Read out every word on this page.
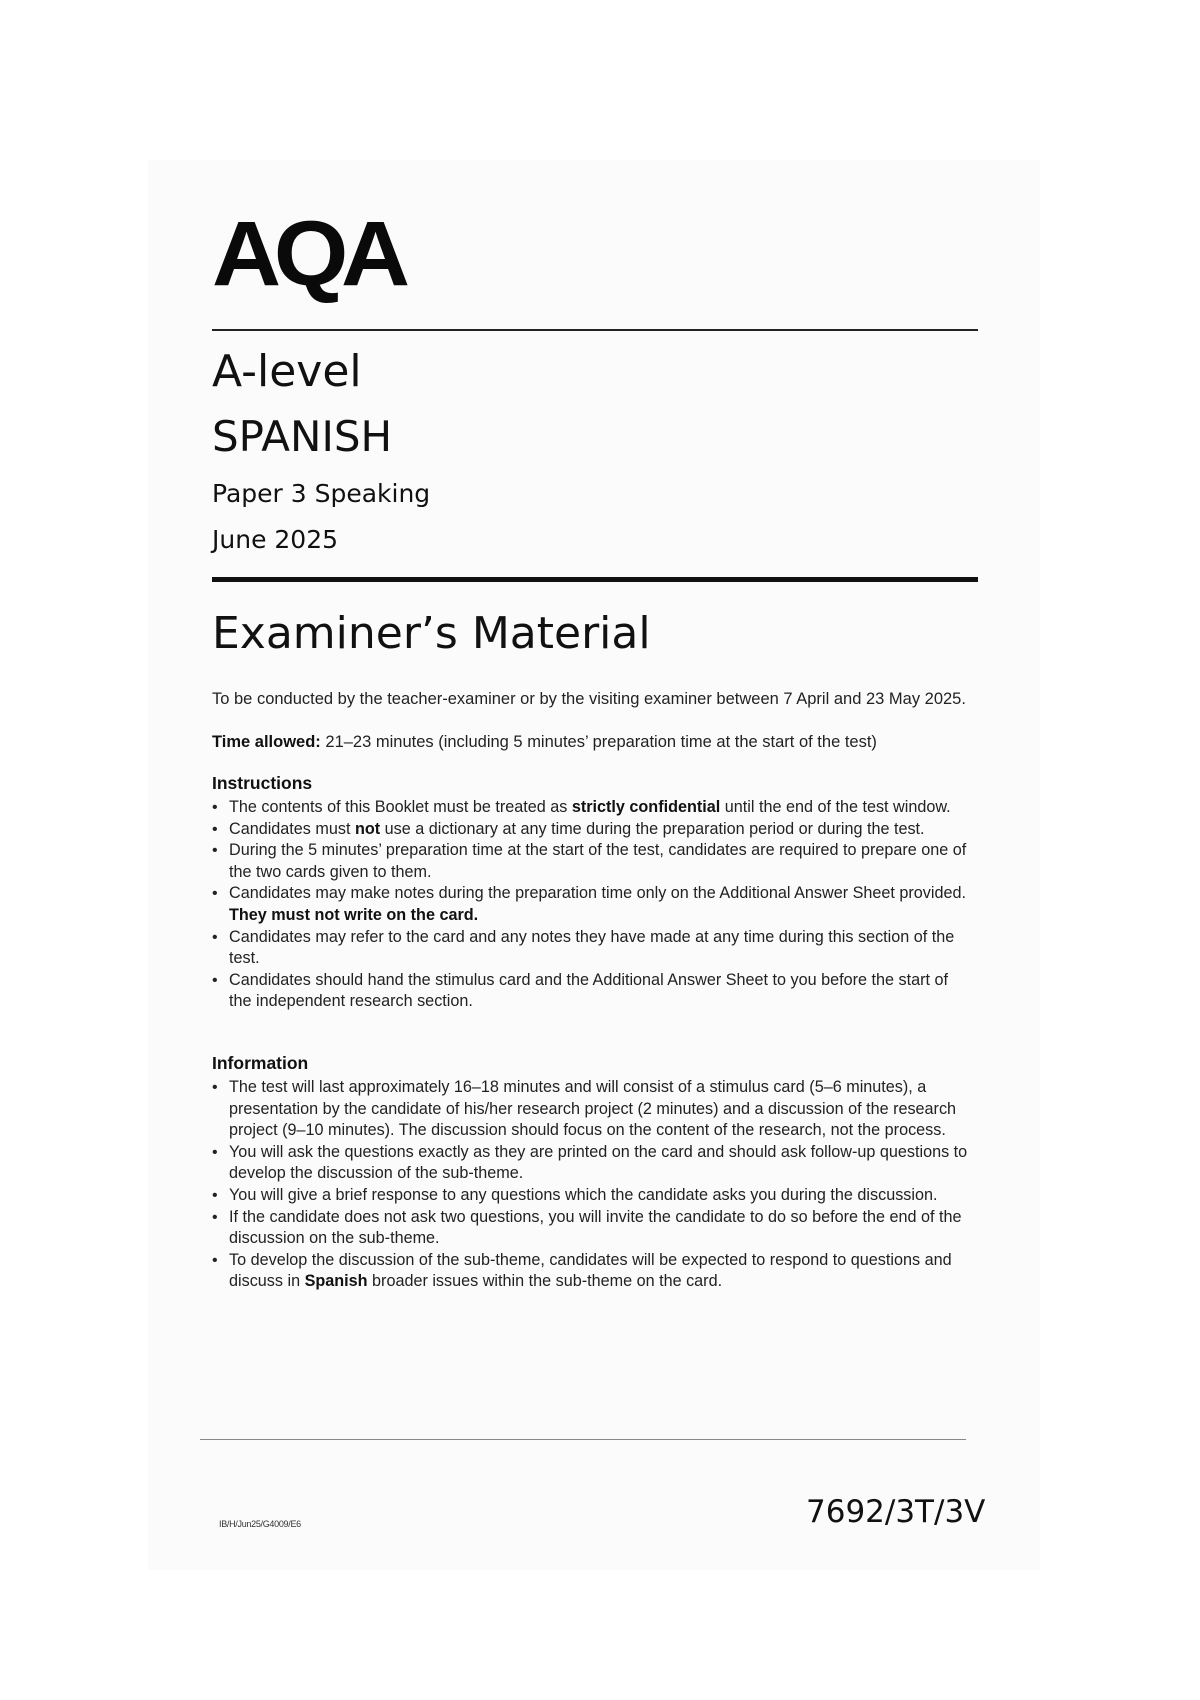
AQA
A-level
SPANISH
Paper 3 Speaking
June 2025
Examiner’s Material
To be conducted by the teacher-examiner or by the visiting examiner between 7 April and 23 May 2025.
Time allowed: 21–23 minutes (including 5 minutes’ preparation time at the start of the test)
Instructions
• The contents of this Booklet must be treated as strictly confidential until the end of the test window.
• Candidates must not use a dictionary at any time during the preparation period or during the test.
• During the 5 minutes’ preparation time at the start of the test, candidates are required to prepare one of the two cards given to them.
• Candidates may make notes during the preparation time only on the Additional Answer Sheet provided. They must not write on the card.
• Candidates may refer to the card and any notes they have made at any time during this section of the test.
• Candidates should hand the stimulus card and the Additional Answer Sheet to you before the start of the independent research section.
Information
• The test will last approximately 16–18 minutes and will consist of a stimulus card (5–6 minutes), a presentation by the candidate of his/her research project (2 minutes) and a discussion of the research project (9–10 minutes). The discussion should focus on the content of the research, not the process.
• You will ask the questions exactly as they are printed on the card and should ask follow-up questions to develop the discussion of the sub-theme.
• You will give a brief response to any questions which the candidate asks you during the discussion.
• If the candidate does not ask two questions, you will invite the candidate to do so before the end of the discussion on the sub-theme.
• To develop the discussion of the sub-theme, candidates will be expected to respond to questions and discuss in Spanish broader issues within the sub-theme on the card.
IB/H/Jun25/G4009/E6	7692/3T/3V
